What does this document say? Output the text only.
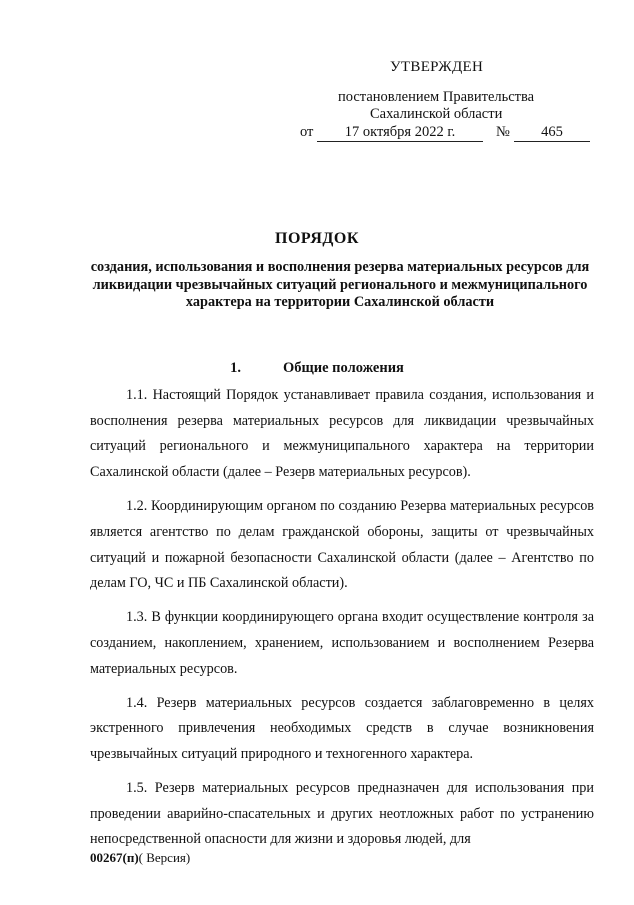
УТВЕРЖДЕН
постановлением Правительства
Сахалинской области
от	17 октября 2022 г.	№	465
ПОРЯДОК
создания, использования и восполнения резерва материальных ресурсов для ликвидации чрезвычайных ситуаций регионального и межмуниципального характера на территории Сахалинской области
1.	Общие положения

1.1. Настоящий Порядок устанавливает правила создания, использования и восполнения резерва материальных ресурсов для ликвидации чрезвычайных ситуаций регионального и межмуниципального характера на территории Сахалинской области (далее – Резерв материальных ресурсов).

1.2. Координирующим органом по созданию Резерва материальных ресурсов является агентство по делам гражданской обороны, защиты от чрезвычайных ситуаций и пожарной безопасности Сахалинской области (далее – Агентство по делам ГО, ЧС и ПБ Сахалинской области).

1.3. В функции координирующего органа входит осуществление контроля за созданием, накоплением, хранением, использованием и восполнением Резерва материальных ресурсов.

1.4. Резерв материальных ресурсов создается заблаговременно в целях экстренного привлечения необходимых средств в случае возникновения чрезвычайных ситуаций природного и техногенного характера.

1.5. Резерв материальных ресурсов предназначен для использования при проведении аварийно-спасательных и других неотложных работ по устранению непосредственной опасности для жизни и здоровья людей, для

00267(п)( Версия)
